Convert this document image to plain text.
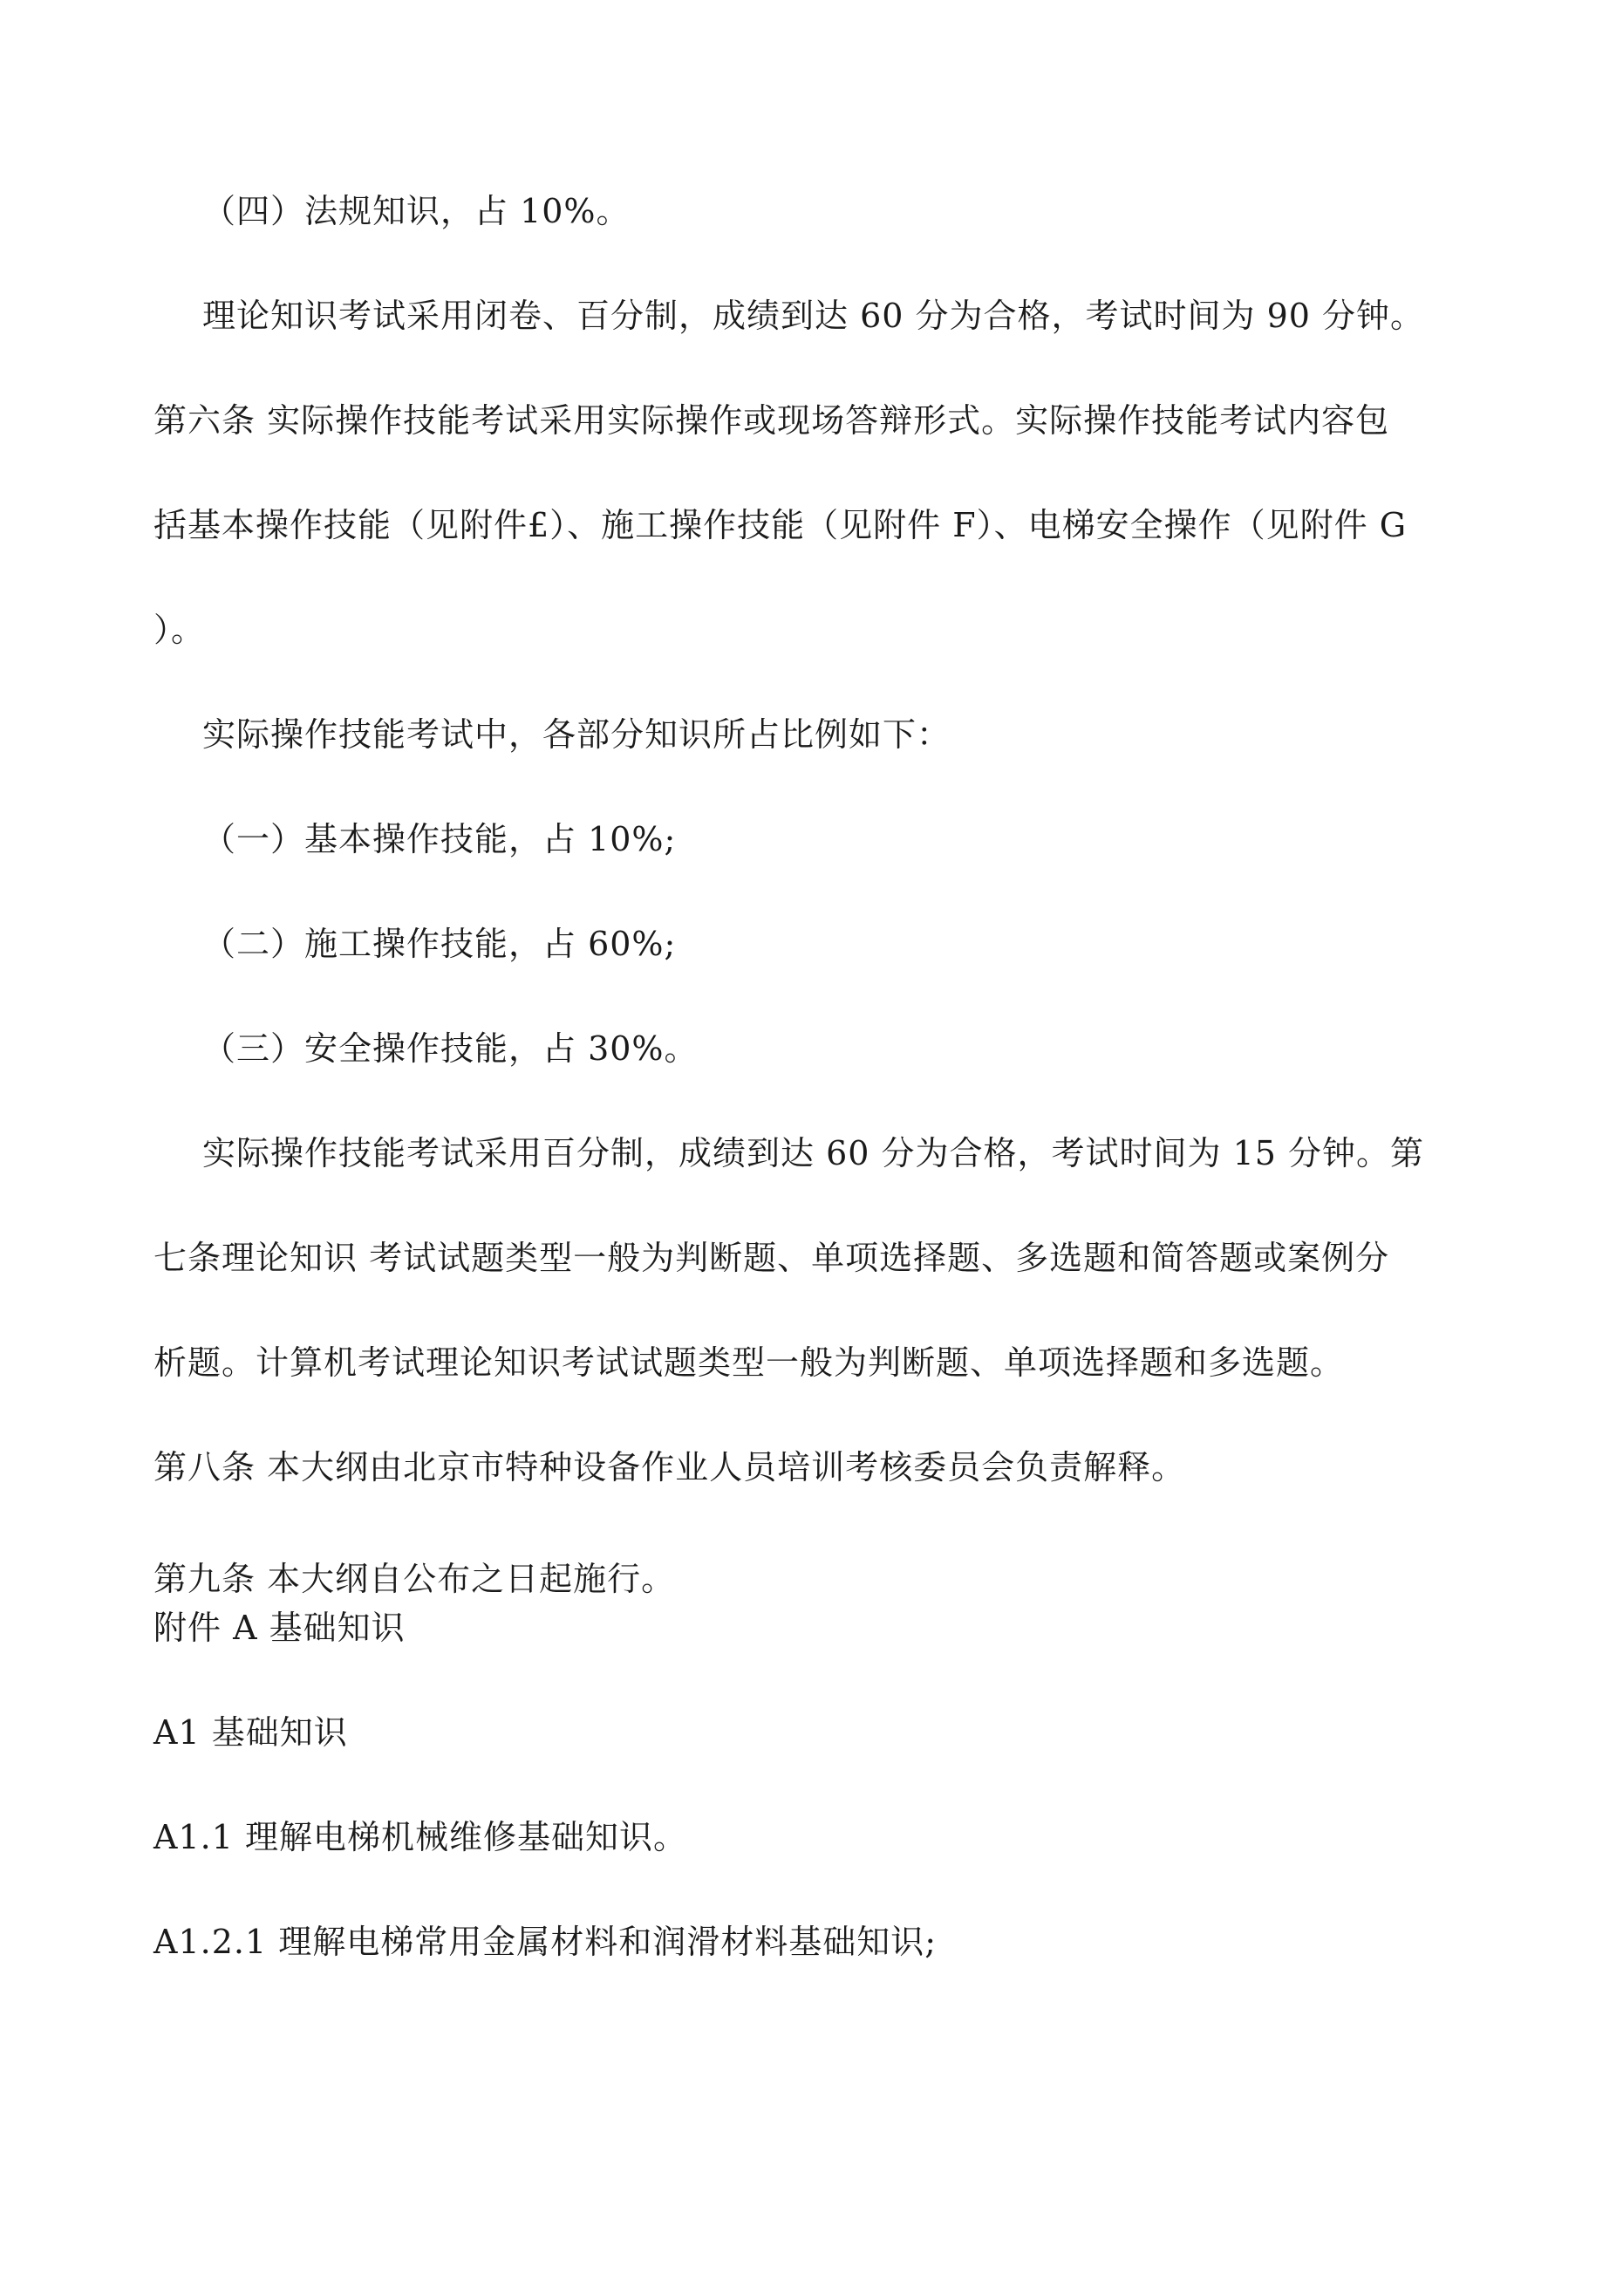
（四）法规知识，占 10%。
理论知识考试采用闭卷、百分制，成绩到达 60 分为合格，考试时间为 90 分钟。
第六条 实际操作技能考试采用实际操作或现场答辩形式。实际操作技能考试内容包
括基本操作技能（见附件£）、施工操作技能（见附件 F）、电梯安全操作（见附件 G
）。
实际操作技能考试中，各部分知识所占比例如下：
（一）基本操作技能，占 10%;
（二）施工操作技能，占 60%;
（三）安全操作技能，占 30%。
实际操作技能考试采用百分制，成绩到达 60 分为合格，考试时间为 15 分钟。第
七条理论知识 考试试题类型一般为判断题、单项选择题、多选题和简答题或案例分
析题。计算机考试理论知识考试试题类型一般为判断题、单项选择题和多选题。
第八条 本大纲由北京市特种设备作业人员培训考核委员会负责解释。
第九条 本大纲自公布之日起施行。
附件 A 基础知识
A1 基础知识
A1.1 理解电梯机械维修基础知识。
A1.2.1 理解电梯常用金属材料和润滑材料基础知识;
